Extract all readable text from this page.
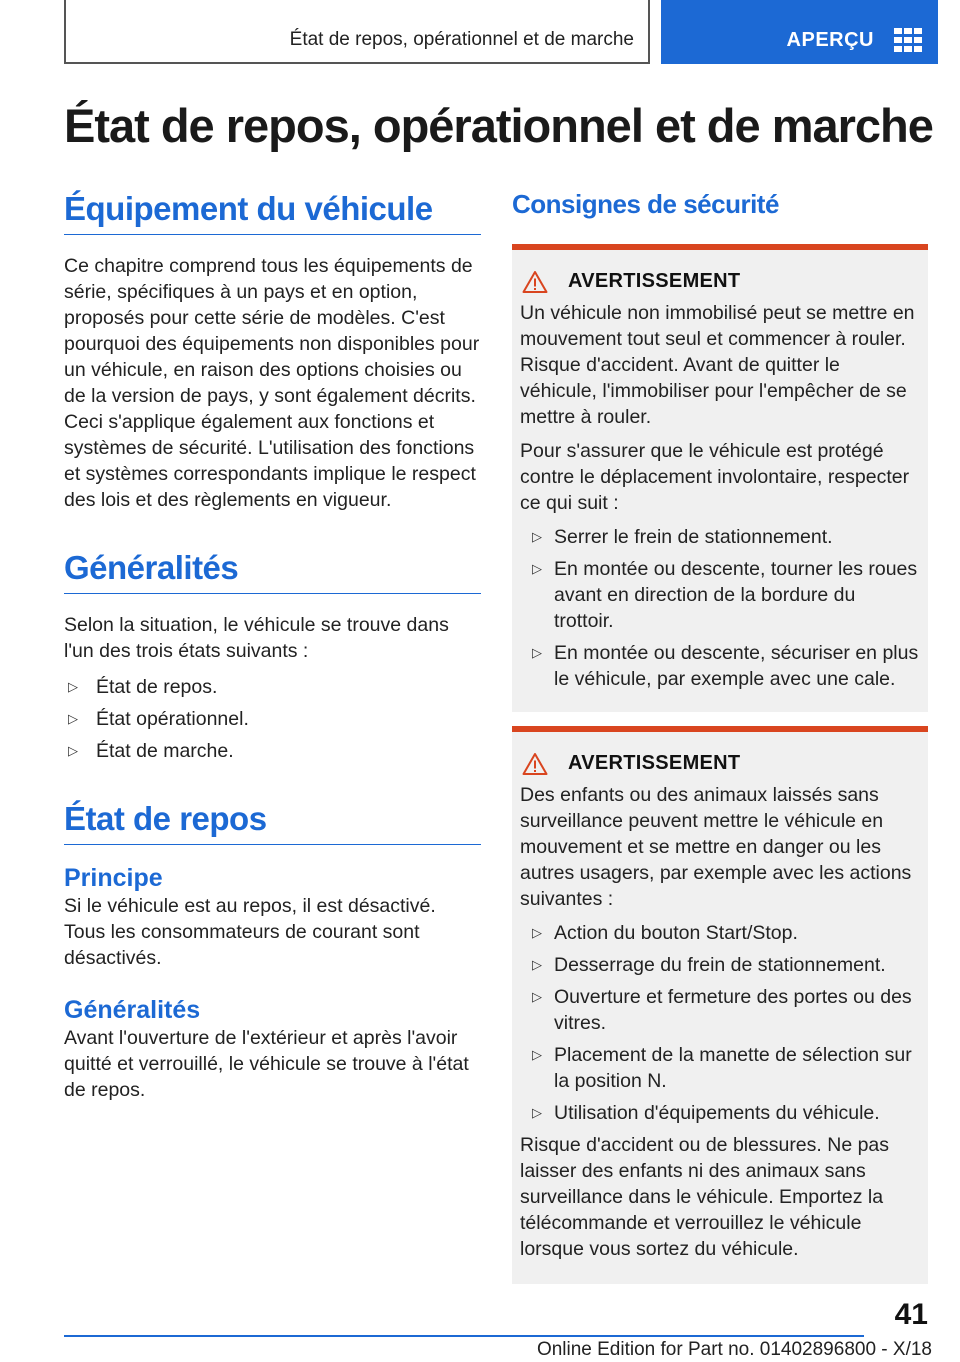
État de repos, opérationnel et de marche	APERÇU
État de repos, opérationnel et de marche
Équipement du véhicule

Ce chapitre comprend tous les équipements de série, spécifiques à un pays et en option, proposés pour cette série de modèles. C'est pourquoi des équipements non disponibles pour un véhicule, en raison des options choisies ou de la version de pays, y sont également décrits. Ceci s'applique également aux fonctions et systèmes de sécurité. L'utilisation des fonctions et systèmes correspondants implique le respect des lois et des règlements en vigueur.

Généralités

Selon la situation, le véhicule se trouve dans l'un des trois états suivants :

▷ État de repos.
▷ État opérationnel.
▷ État de marche.
État de repos
Principe

Si le véhicule est au repos, il est désactivé. Tous les consommateurs de courant sont désactivés.

Généralités

Avant l'ouverture de l'extérieur et après l'avoir quitté et verrouillé, le véhicule se trouve à l'état de repos.

Consignes de sécurité
AVERTISSEMENT

Un véhicule non immobilisé peut se mettre en mouvement tout seul et commencer à rouler. Risque d'accident. Avant de quitter le véhicule, l'immobiliser pour l'empêcher de se mettre à rouler.

Pour s'assurer que le véhicule est protégé contre le déplacement involontaire, respecter ce qui suit :

▷ Serrer le frein de stationnement.
▷ En montée ou descente, tourner les roues avant en direction de la bordure du trottoir.
▷ En montée ou descente, sécuriser en plus le véhicule, par exemple avec une cale.
AVERTISSEMENT

Des enfants ou des animaux laissés sans surveillance peuvent mettre le véhicule en mouvement et se mettre en danger ou les autres usagers, par exemple avec les actions suivantes :

▷ Action du bouton Start/Stop.
▷ Desserrage du frein de stationnement.
▷ Ouverture et fermeture des portes ou des vitres.
▷ Placement de la manette de sélection sur la position N.
▷ Utilisation d'équipements du véhicule.

Risque d'accident ou de blessures. Ne pas laisser des enfants ni des animaux sans surveillance dans le véhicule. Emportez la télécommande et verrouillez le véhicule lorsque vous sortez du véhicule.

41
Online Edition for Part no. 01402896800 - X/18
